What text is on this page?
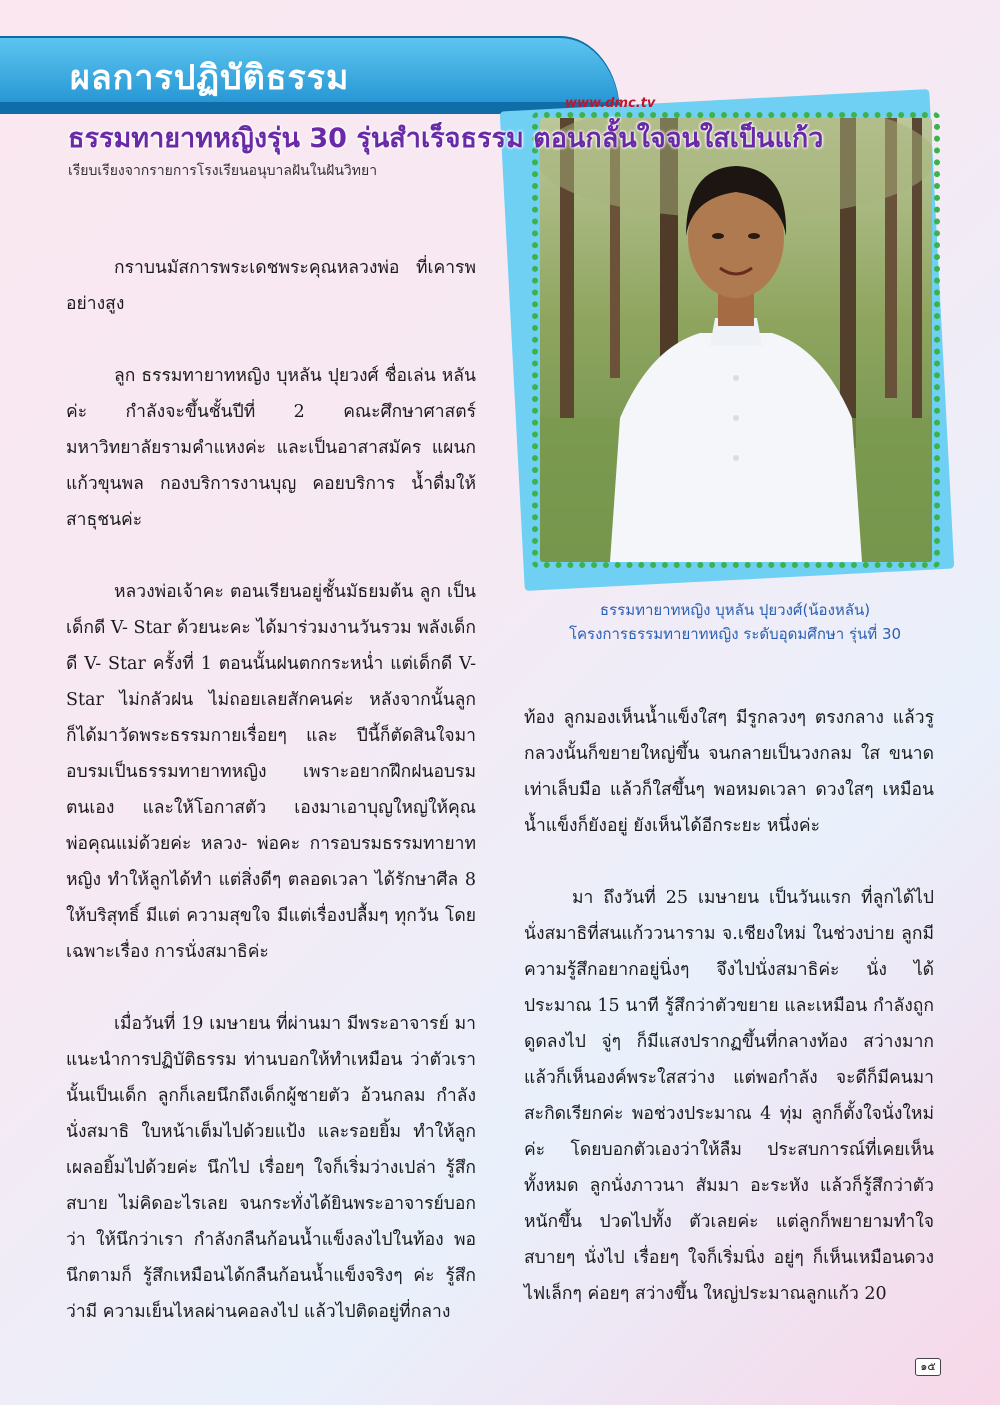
ผลการปฏิบัติธรรม
www.dmc.tv
ธรรมทายาทหญิงรุ่น 30 รุ่นสำเร็จธรรม ตอนกลั้นใจจนใสเป็นแก้ว

เรียบเรียงจากรายการโรงเรียนอนุบาลฝันในฝันวิทยา

ธรรมทายาทหญิง บุหลัน ปุยวงศ์(น้องหลัน)
โครงการธรรมทายาทหญิง ระดับอุดมศึกษา รุ่นที่ 30

กราบนมัสการพระเดชพระคุณหลวงพ่อ ที่เคารพอย่างสูง

ลูก ธรรมทายาทหญิง บุหลัน ปุยวงศ์ ชื่อเล่น หลัน ค่ะ กำลังจะขึ้นชั้นปีที่ 2 คณะศึกษาศาสตร์ มหาวิทยาลัยรามคำแหงค่ะ และเป็นอาสาสมัคร แผนกแก้วขุนพล กองบริการงานบุญ คอยบริการ น้ำดื่มให้สาธุชนค่ะ

หลวงพ่อเจ้าคะ ตอนเรียนอยู่ชั้นมัธยมต้น ลูก เป็นเด็กดี V- Star ด้วยนะคะ ได้มาร่วมงานวันรวม พลังเด็กดี V- Star ครั้งที่ 1 ตอนนั้นฝนตกกระหน่ำ แต่เด็กดี V- Star ไม่กลัวฝน ไม่ถอยเลยสักคนค่ะ หลังจากนั้นลูกก็ได้มาวัดพระธรรมกายเรื่อยๆ และ ปีนี้ก็ตัดสินใจมาอบรมเป็นธรรมทายาทหญิง เพราะอยากฝึกฝนอบรมตนเอง และให้โอกาสตัว เองมาเอาบุญใหญ่ให้คุณพ่อคุณแม่ด้วยค่ะ หลวง- พ่อคะ การอบรมธรรมทายาทหญิง ทำให้ลูกได้ทำ แต่สิ่งดีๆ ตลอดเวลา ได้รักษาศีล 8 ให้บริสุทธิ์ มีแต่ ความสุขใจ มีแต่เรื่องปลื้มๆ ทุกวัน โดยเฉพาะเรื่อง การนั่งสมาธิค่ะ

เมื่อวันที่ 19 เมษายน ที่ผ่านมา มีพระอาจารย์ มา แนะนำการปฏิบัติธรรม ท่านบอกให้ทำเหมือน ว่าตัวเรานั้นเป็นเด็ก ลูกก็เลยนึกถึงเด็กผู้ชายตัว อ้วนกลม กำลังนั่งสมาธิ ใบหน้าเต็มไปด้วยแป้ง และรอยยิ้ม ทำให้ลูกเผลอยิ้มไปด้วยค่ะ นึกไป เรื่อยๆ ใจก็เริ่มว่างเปล่า รู้สึกสบาย ไม่คิดอะไรเลย จนกระทั่งได้ยินพระอาจารย์บอกว่า ให้นึกว่าเรา กำลังกลืนก้อนน้ำแข็งลงไปในท้อง พอนึกตามก็ รู้สึกเหมือนได้กลืนก้อนน้ำแข็งจริงๆ ค่ะ รู้สึกว่ามี ความเย็นไหลผ่านคอลงไป แล้วไปติดอยู่ที่กลาง

ท้อง ลูกมองเห็นน้ำแข็งใสๆ มีรูกลวงๆ ตรงกลาง แล้วรูกลวงนั้นก็ขยายใหญ่ขึ้น จนกลายเป็นวงกลม ใส ขนาดเท่าเล็บมือ แล้วก็ใสขึ้นๆ พอหมดเวลา ดวงใสๆ เหมือนน้ำแข็งก็ยังอยู่ ยังเห็นได้อีกระยะ หนึ่งค่ะ

มา ถึงวันที่ 25 เมษายน เป็นวันแรก ที่ลูกได้ไป นั่งสมาธิที่สนแก้ววนาราม จ.เชียงใหม่ ในช่วงบ่าย ลูกมีความรู้สึกอยากอยู่นิ่งๆ จึงไปนั่งสมาธิค่ะ นั่ง ได้ประมาณ 15 นาที รู้สึกว่าตัวขยาย และเหมือน กำลังถูกดูดลงไป จู่ๆ ก็มีแสงปรากฏขึ้นที่กลางท้อง สว่างมาก แล้วก็เห็นองค์พระใสสว่าง แต่พอกำลัง จะดีก็มีคนมาสะกิดเรียกค่ะ พอช่วงประมาณ 4 ทุ่ม ลูกก็ตั้งใจนั่งใหม่ค่ะ โดยบอกตัวเองว่าให้ลืม ประสบการณ์ที่เคยเห็นทั้งหมด ลูกนั่งภาวนา สัมมา อะระหัง แล้วก็รู้สึกว่าตัวหนักขึ้น ปวดไปทั้ง ตัวเลยค่ะ แต่ลูกก็พยายามทำใจสบายๆ นั่งไป เรื่อยๆ ใจก็เริ่มนิ่ง อยู่ๆ ก็เห็นเหมือนดวงไฟเล็กๆ ค่อยๆ สว่างขึ้น ใหญ่ประมาณลูกแก้ว 20

๑๕
